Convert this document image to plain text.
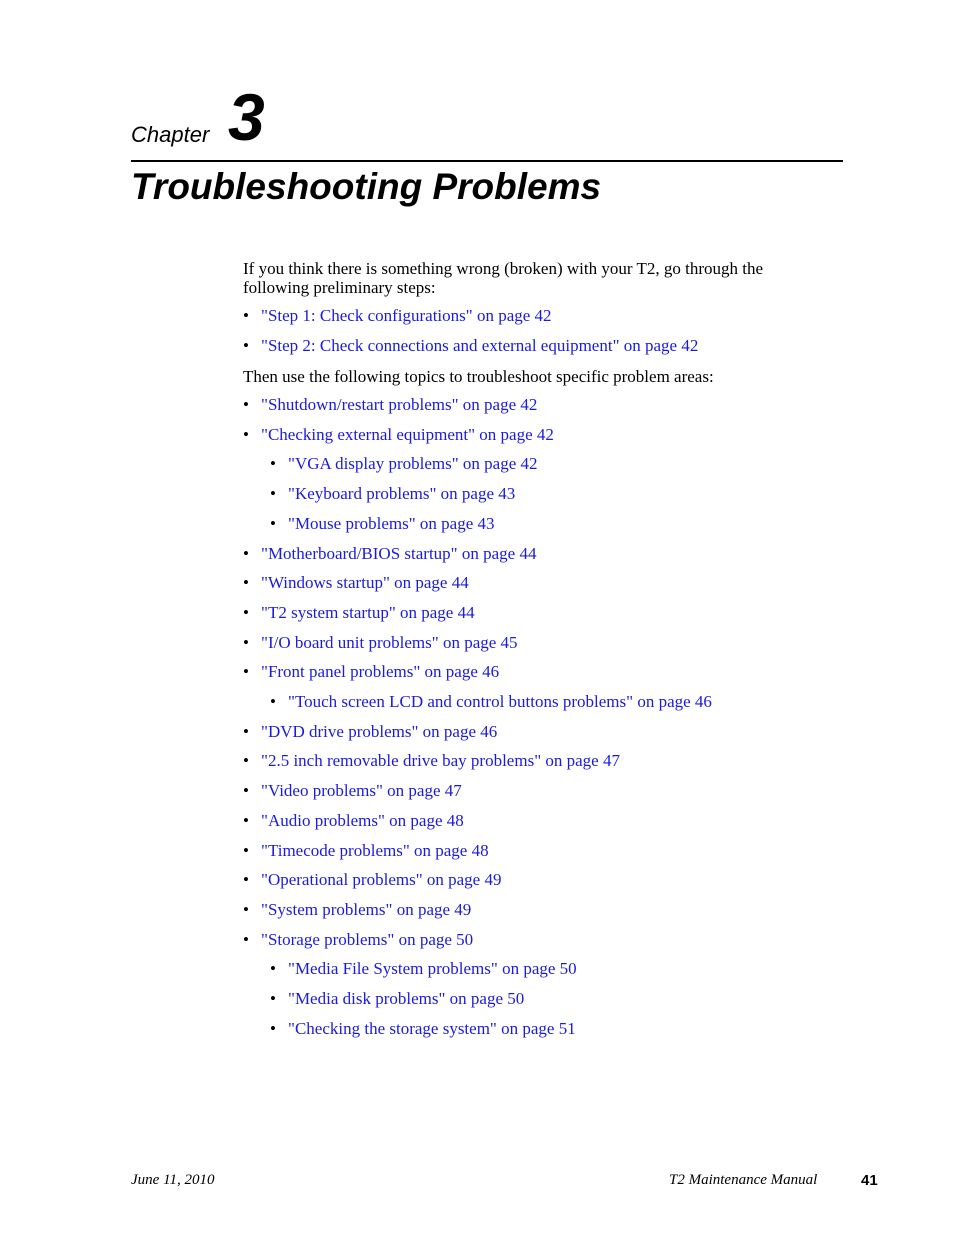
Chapter 3
Troubleshooting Problems

If you think there is something wrong (broken) with your T2, go through the following preliminary steps:

• "Step 1: Check configurations" on page 42
• "Step 2: Check connections and external equipment" on page 42

Then use the following topics to troubleshoot specific problem areas:

• "Shutdown/restart problems" on page 42
• "Checking external equipment" on page 42
• "VGA display problems" on page 42
• "Keyboard problems" on page 43
• "Mouse problems" on page 43
• "Motherboard/BIOS startup" on page 44
• "Windows startup" on page 44
• "T2 system startup" on page 44
• "I/O board unit problems" on page 45
• "Front panel problems" on page 46
• "Touch screen LCD and control buttons problems" on page 46
• "DVD drive problems" on page 46
• "2.5 inch removable drive bay problems" on page 47
• "Video problems" on page 47
• "Audio problems" on page 48
• "Timecode problems" on page 48
• "Operational problems" on page 49
• "System problems" on page 49
• "Storage problems" on page 50
• "Media File System problems" on page 50
• "Media disk problems" on page 50
• "Checking the storage system" on page 51
June 11, 2010	T2 Maintenance Manual	41
